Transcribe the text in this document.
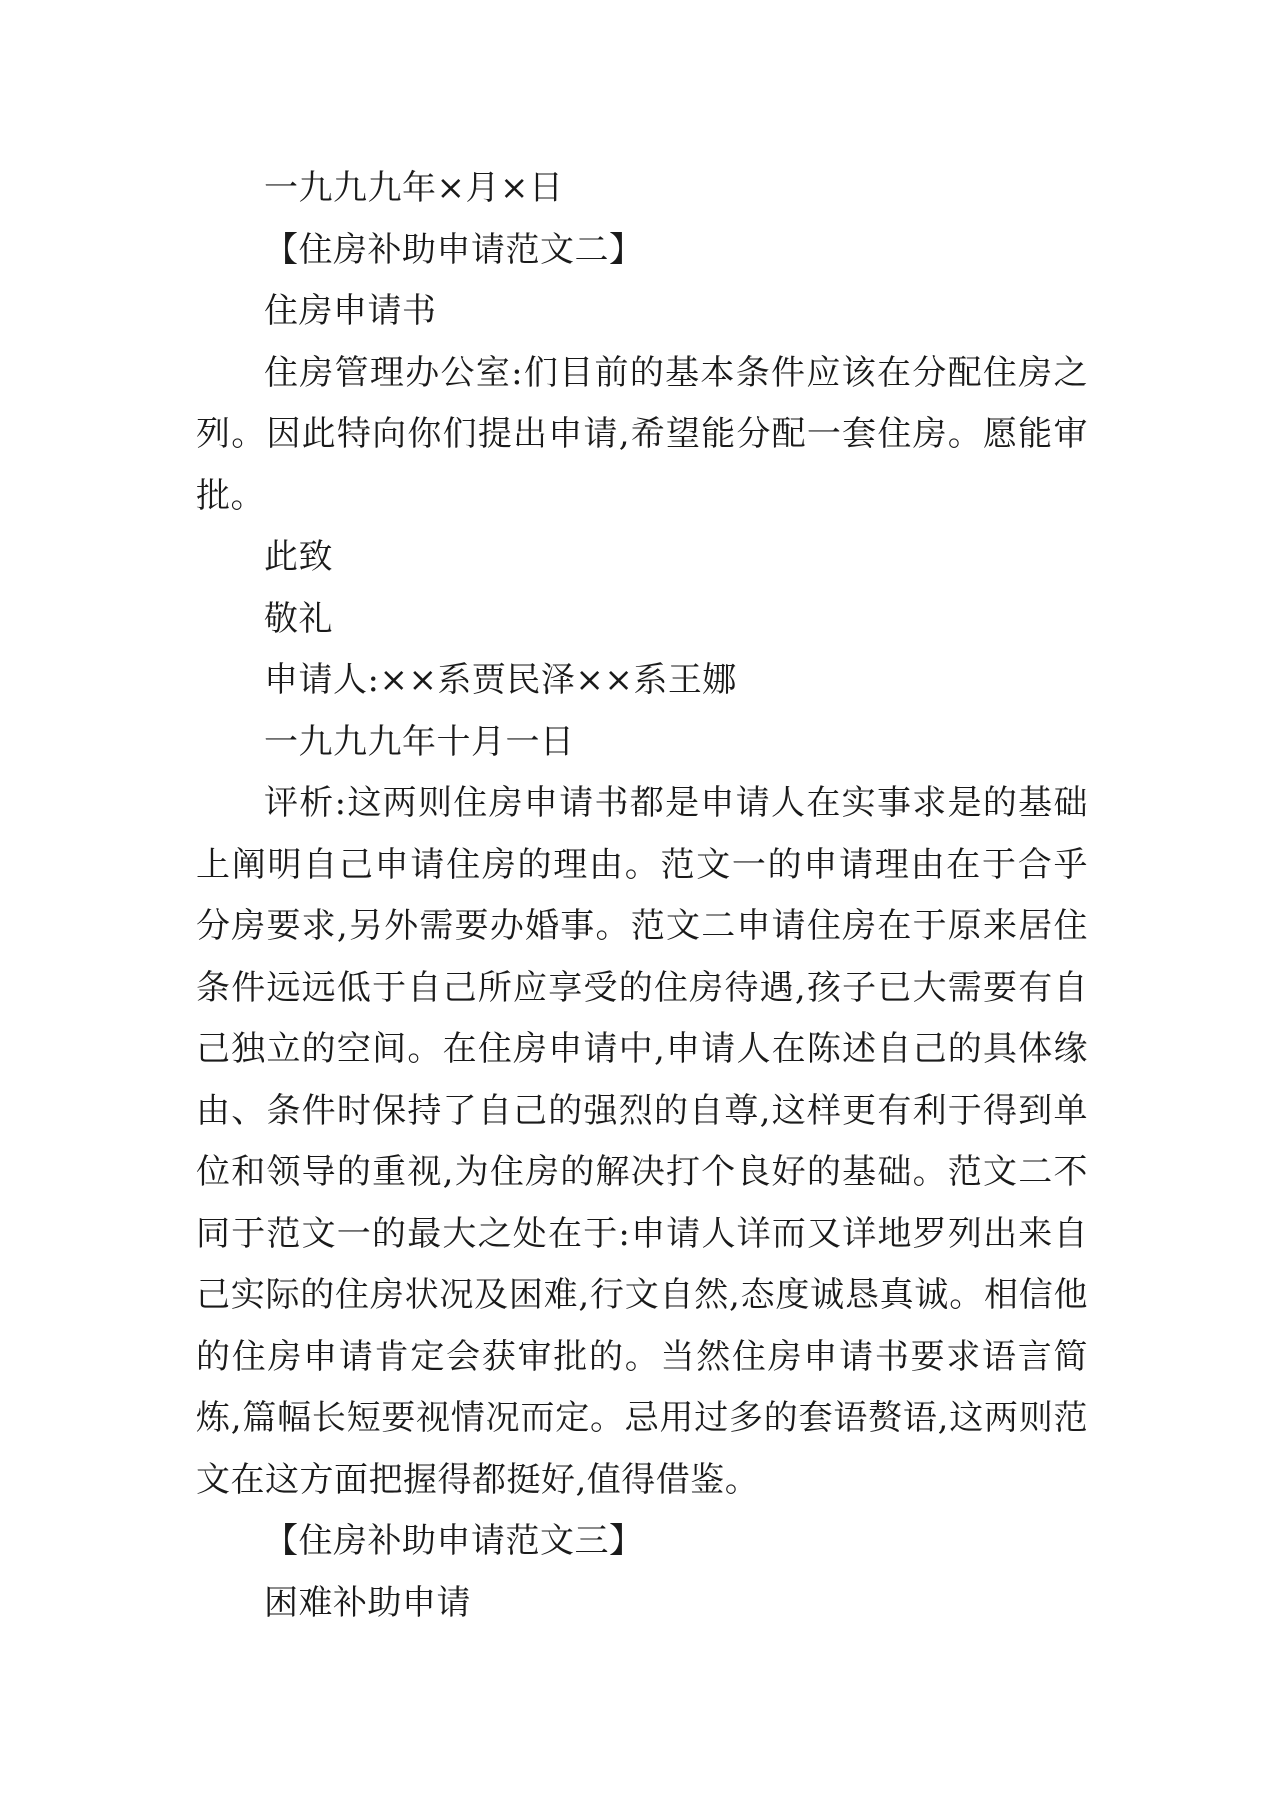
一九九九年×月×日

【住房补助申请范文二】

住房申请书

住房管理办公室:们目前的基本条件应该在分配住房之列。因此特向你们提出申请,希望能分配一套住房。愿能审批。

此致

敬礼

申请人:××系贾民泽××系王娜

一九九九年十月一日

评析:这两则住房申请书都是申请人在实事求是的基础上阐明自己申请住房的理由。范文一的申请理由在于合乎分房要求,另外需要办婚事。范文二申请住房在于原来居住条件远远低于自己所应享受的住房待遇,孩子已大需要有自己独立的空间。在住房申请中,申请人在陈述自己的具体缘由、条件时保持了自己的强烈的自尊,这样更有利于得到单位和领导的重视,为住房的解决打个良好的基础。范文二不同于范文一的最大之处在于:申请人详而又详地罗列出来自己实际的住房状况及困难,行文自然,态度诚恳真诚。相信他的住房申请肯定会获审批的。当然住房申请书要求语言简炼,篇幅长短要视情况而定。忌用过多的套语赘语,这两则范文在这方面把握得都挺好,值得借鉴。

【住房补助申请范文三】

困难补助申请
